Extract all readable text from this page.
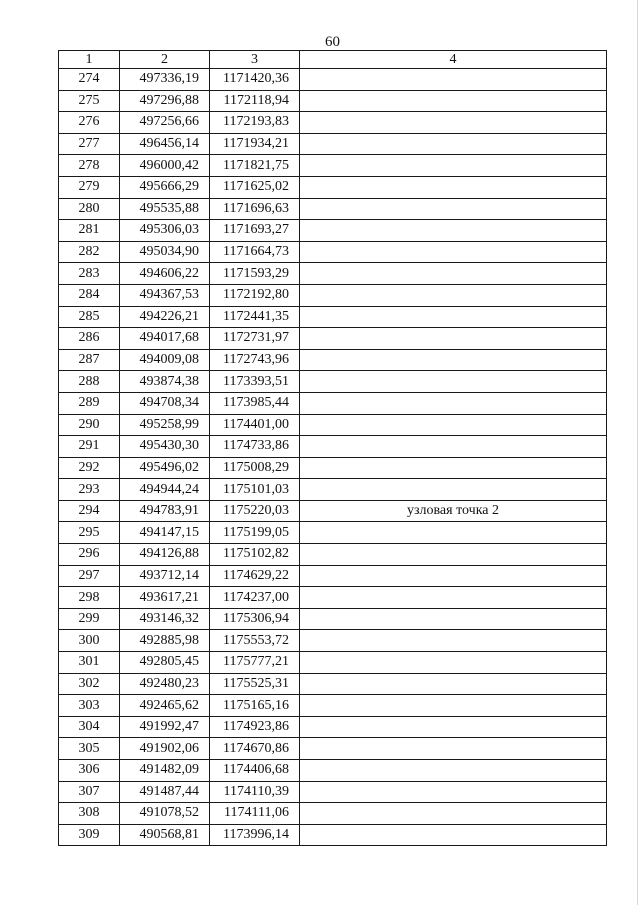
60
1	2	3	4
274	497336,19	1171420,36	
275	497296,88	1172118,94	
276	497256,66	1172193,83	
277	496456,14	1171934,21	
278	496000,42	1171821,75	
279	495666,29	1171625,02	
280	495535,88	1171696,63	
281	495306,03	1171693,27	
282	495034,90	1171664,73	
283	494606,22	1171593,29	
284	494367,53	1172192,80	
285	494226,21	1172441,35	
286	494017,68	1172731,97	
287	494009,08	1172743,96	
288	493874,38	1173393,51	
289	494708,34	1173985,44	
290	495258,99	1174401,00	
291	495430,30	1174733,86	
292	495496,02	1175008,29	
293	494944,24	1175101,03	
294	494783,91	1175220,03	узловая точка 2
295	494147,15	1175199,05	
296	494126,88	1175102,82	
297	493712,14	1174629,22	
298	493617,21	1174237,00	
299	493146,32	1175306,94	
300	492885,98	1175553,72	
301	492805,45	1175777,21	
302	492480,23	1175525,31	
303	492465,62	1175165,16	
304	491992,47	1174923,86	
305	491902,06	1174670,86	
306	491482,09	1174406,68	
307	491487,44	1174110,39	
308	491078,52	1174111,06	
309	490568,81	1173996,14	
